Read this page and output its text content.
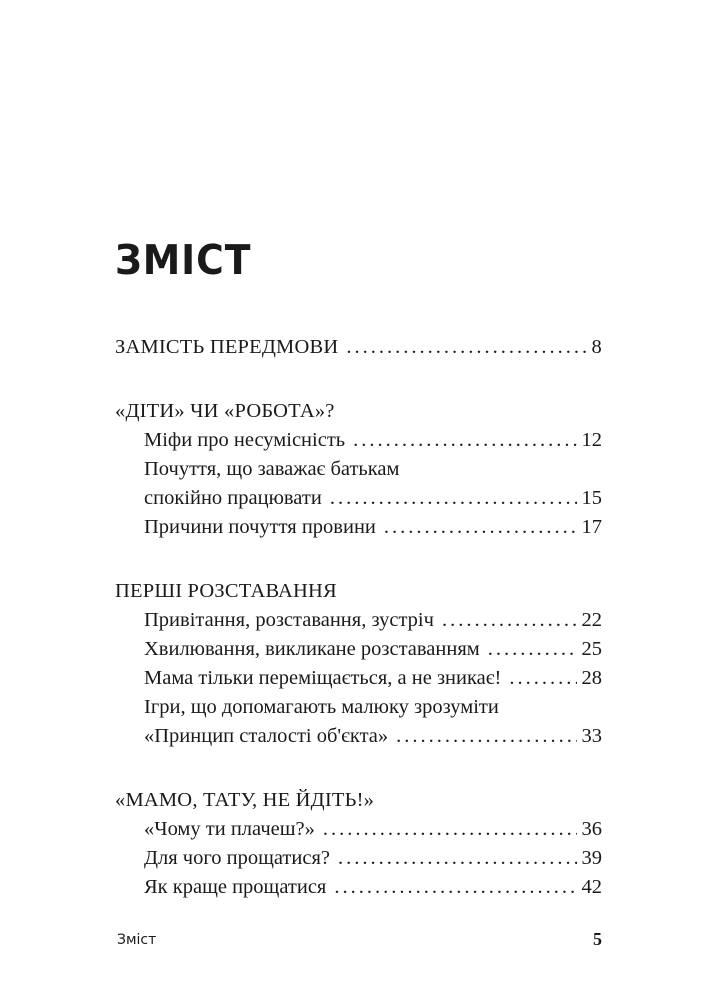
ЗМІСТ
ЗАМІСТЬ ПЕРЕДМОВИ .....	8
«ДІТИ» ЧИ «РОБОТА»?
Міфи про несумісність .....	12
Почуття, що заважає батькам
спокійно працювати .....	15
Причини почуття провини .....	17
ПЕРШІ РОЗСТАВАННЯ
Привітання, розставання, зустріч .....	22
Хвилювання, викликане розставанням .....	25
Мама тільки переміщається, а не зникає! .....	28
Ігри, що допомагають малюку зрозуміти
«Принцип сталості об'єкта» .....	33
«МАМО, ТАТУ, НЕ ЙДІТЬ!»
«Чому ти плачеш?» .....	36
Для чого прощатися? .....	39
Як краще прощатися .....	42
Зміст	5
